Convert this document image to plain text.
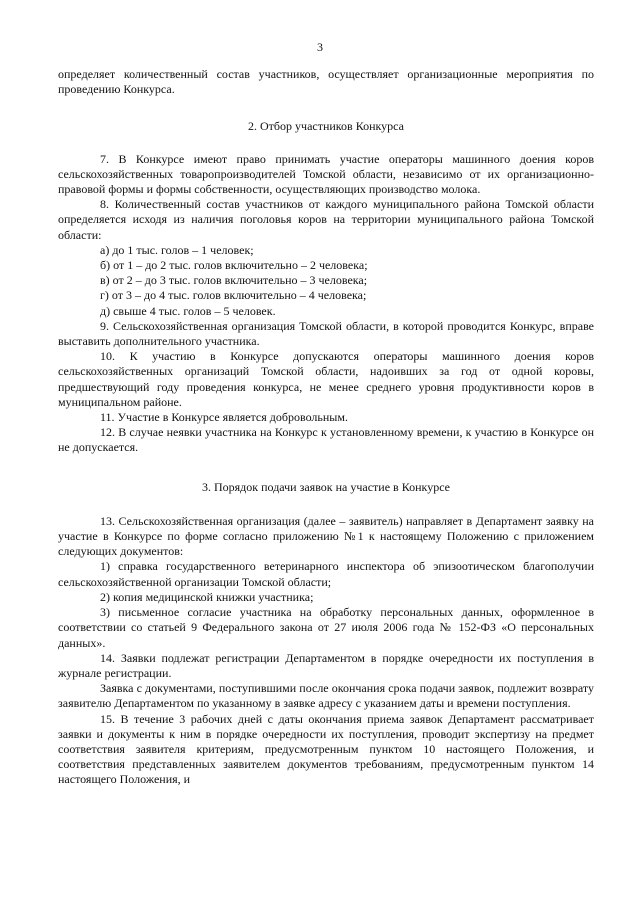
3

определяет количественный состав участников, осуществляет организационные мероприятия по проведению Конкурса.

2. Отбор участников Конкурса

7. В Конкурсе имеют право принимать участие операторы машинного доения коров сельскохозяйственных товаропроизводителей Томской области, независимо от их организационно-правовой формы и формы собственности, осуществляющих производство молока.

8. Количественный состав участников от каждого муниципального района Томской области определяется исходя из наличия поголовья коров на территории муниципального района Томской области:

а) до 1 тыс. голов – 1 человек;

б) от 1 – до 2 тыс. голов включительно – 2 человека;

в) от 2 – до 3 тыс. голов включительно – 3 человека;

г) от 3 – до 4 тыс. голов включительно – 4 человека;

д) свыше 4 тыс. голов – 5 человек.

9. Сельскохозяйственная организация Томской области, в которой проводится Конкурс, вправе выставить дополнительного участника.

10. К участию в Конкурсе допускаются операторы машинного доения коров сельскохозяйственных организаций Томской области, надоивших за год от одной коровы, предшествующий году проведения конкурса, не менее среднего уровня продуктивности коров в муниципальном районе.

11. Участие в Конкурсе является добровольным.

12. В случае неявки участника на Конкурс к установленному времени, к участию в Конкурсе он не допускается.

3. Порядок подачи заявок на участие в Конкурсе

13. Сельскохозяйственная организация (далее – заявитель) направляет в Департамент заявку на участие в Конкурсе по форме согласно приложению №1 к настоящему Положению с приложением следующих документов:

1) справка государственного ветеринарного инспектора об эпизоотическом благополучии сельскохозяйственной организации Томской области;

2) копия медицинской книжки участника;

3) письменное согласие участника на обработку персональных данных, оформленное в соответствии со статьей 9 Федерального закона от 27 июля 2006 года № 152-ФЗ «О персональных данных».

14. Заявки подлежат регистрации Департаментом в порядке очередности их поступления в журнале регистрации.

Заявка с документами, поступившими после окончания срока подачи заявок, подлежит возврату заявителю Департаментом по указанному в заявке адресу с указанием даты и времени поступления.

15. В течение 3 рабочих дней с даты окончания приема заявок Департамент рассматривает заявки и документы к ним в порядке очередности их поступления, проводит экспертизу на предмет соответствия заявителя критериям, предусмотренным пунктом 10 настоящего Положения, и соответствия представленных заявителем документов требованиям, предусмотренным пунктом 14 настоящего Положения, и
